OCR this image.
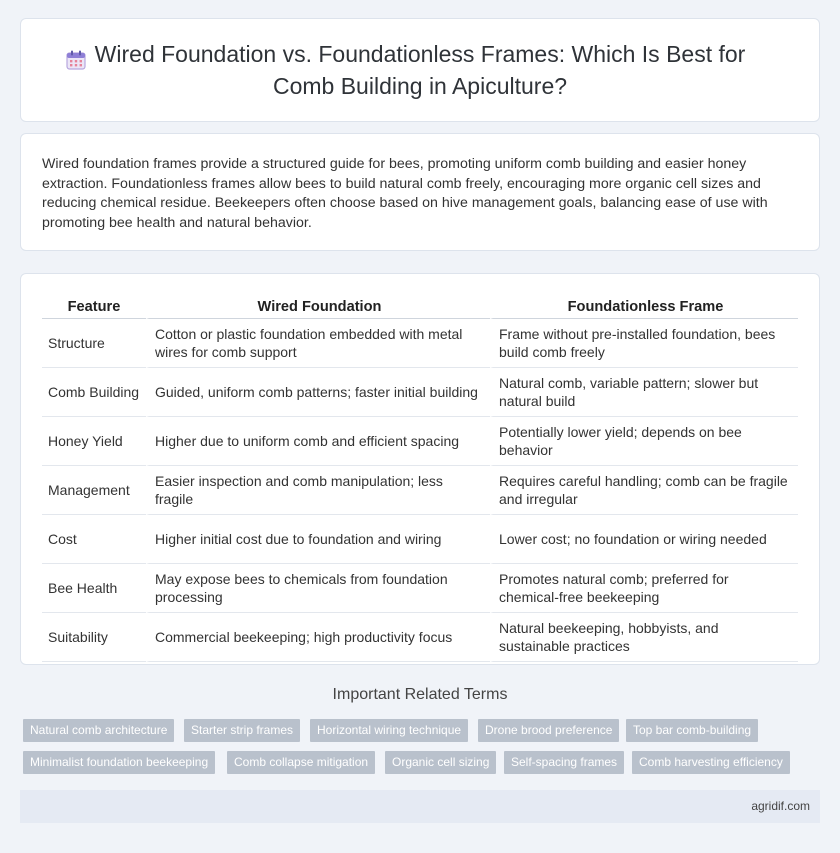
Wired Foundation vs. Foundationless Frames: Which Is Best for Comb Building in Apiculture?

Wired foundation frames provide a structured guide for bees, promoting uniform comb building and easier honey extraction. Foundationless frames allow bees to build natural comb freely, encouraging more organic cell sizes and reducing chemical residue. Beekeepers often choose based on hive management goals, balancing ease of use with promoting bee health and natural behavior.

Feature	Wired Foundation	Foundationless Frame
Structure	Cotton or plastic foundation embedded with metal wires for comb support	Frame without pre-installed foundation, bees build comb freely
Comb Building	Guided, uniform comb patterns; faster initial building	Natural comb, variable pattern; slower but natural build
Honey Yield	Higher due to uniform comb and efficient spacing	Potentially lower yield; depends on bee behavior
Management	Easier inspection and comb manipulation; less fragile	Requires careful handling; comb can be fragile and irregular
Cost	Higher initial cost due to foundation and wiring	Lower cost; no foundation or wiring needed
Bee Health	May expose bees to chemicals from foundation processing	Promotes natural comb; preferred for chemical-free beekeeping
Suitability	Commercial beekeeping; high productivity focus	Natural beekeeping, hobbyists, and sustainable practices
Important Related Terms
Natural comb architecture	Starter strip frames	Horizontal wiring technique	Drone brood preference	Top bar comb-building
Minimalist foundation beekeeping	Comb collapse mitigation	Organic cell sizing	Self-spacing frames	Comb harvesting efficiency
agridif.com
